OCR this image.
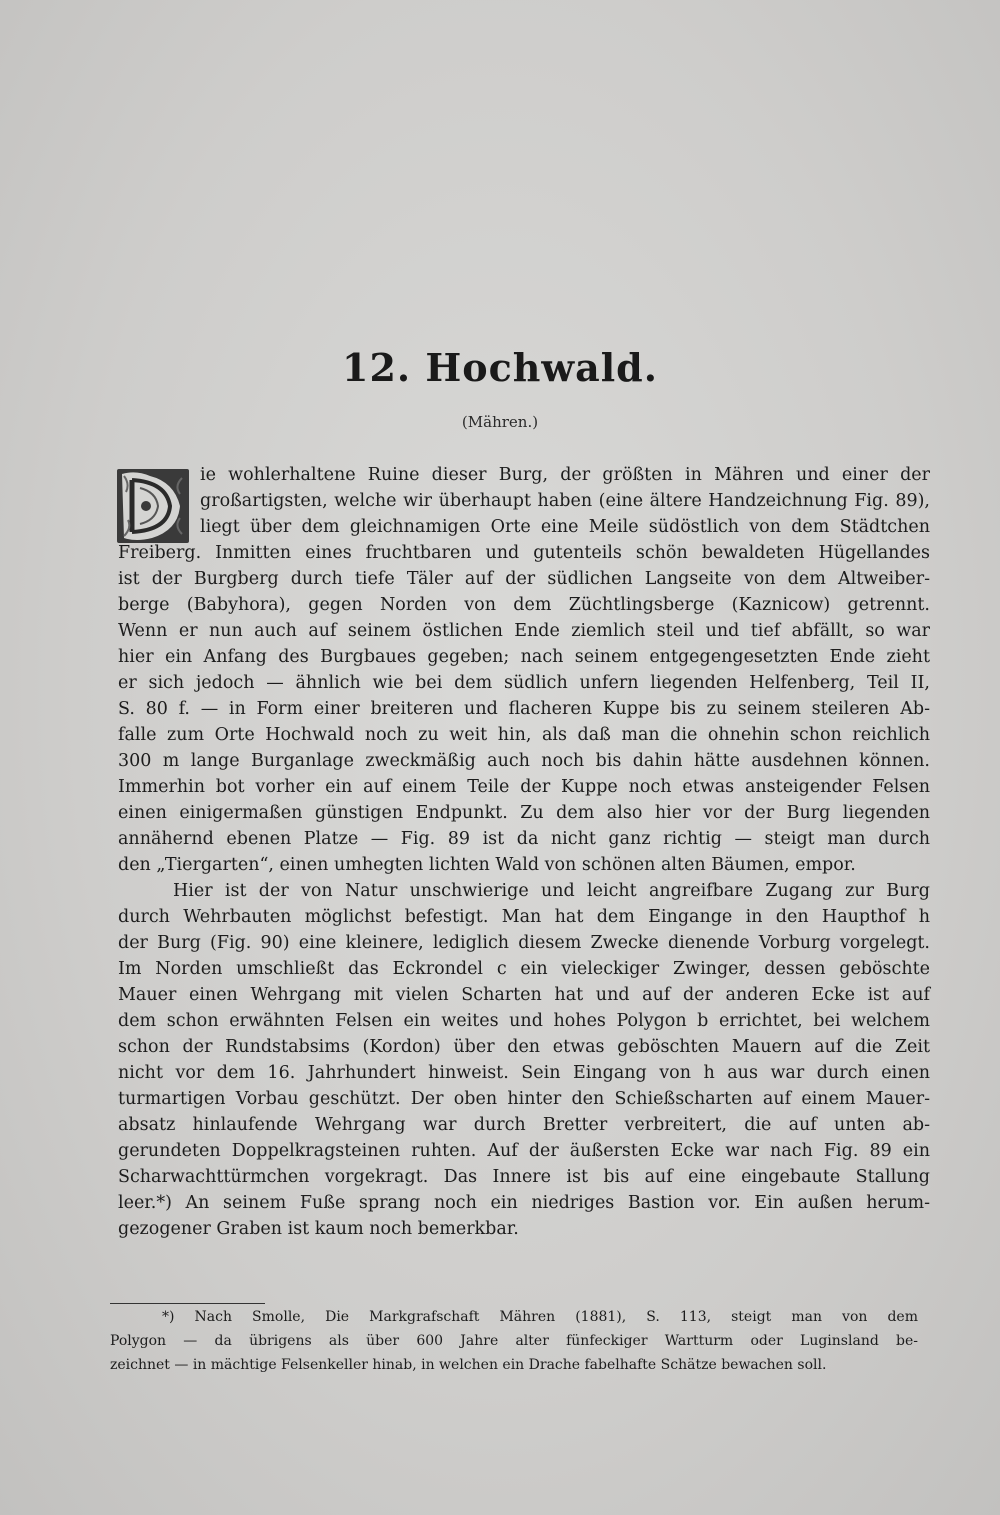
12. Hochwald.
(Mähren.)
ie wohlerhaltene Ruine dieser Burg, der größten in Mähren und einer der
großartigsten, welche wir überhaupt haben (eine ältere Handzeichnung Fig. 89),
liegt über dem gleichnamigen Orte eine Meile südöstlich von dem Städtchen
Freiberg. Inmitten eines fruchtbaren und gutenteils schön bewaldeten Hügellandes
ist der Burgberg durch tiefe Täler auf der südlichen Langseite von dem Altweiber-
berge (Babyhora), gegen Norden von dem Züchtlingsberge (Kaznicow) getrennt.
Wenn er nun auch auf seinem östlichen Ende ziemlich steil und tief abfällt, so war
hier ein Anfang des Burgbaues gegeben; nach seinem entgegengesetzten Ende zieht
er sich jedoch — ähnlich wie bei dem südlich unfern liegenden Helfenberg, Teil II,
S. 80 f. — in Form einer breiteren und flacheren Kuppe bis zu seinem steileren Ab-
falle zum Orte Hochwald noch zu weit hin, als daß man die ohnehin schon reichlich
300 m lange Burganlage zweckmäßig auch noch bis dahin hätte ausdehnen können.
Immerhin bot vorher ein auf einem Teile der Kuppe noch etwas ansteigender Felsen
einen einigermaßen günstigen Endpunkt. Zu dem also hier vor der Burg liegenden
annähernd ebenen Platze — Fig. 89 ist da nicht ganz richtig — steigt man durch
den „Tiergarten“, einen umhegten lichten Wald von schönen alten Bäumen, empor.
Hier ist der von Natur unschwierige und leicht angreifbare Zugang zur Burg
durch Wehrbauten möglichst befestigt. Man hat dem Eingange in den Haupthof h
der Burg (Fig. 90) eine kleinere, lediglich diesem Zwecke dienende Vorburg vorgelegt.
Im Norden umschließt das Eckrondel c ein vieleckiger Zwinger, dessen geböschte
Mauer einen Wehrgang mit vielen Scharten hat und auf der anderen Ecke ist auf
dem schon erwähnten Felsen ein weites und hohes Polygon b errichtet, bei welchem
schon der Rundstabsims (Kordon) über den etwas geböschten Mauern auf die Zeit
nicht vor dem 16. Jahrhundert hinweist. Sein Eingang von h aus war durch einen
turmartigen Vorbau geschützt. Der oben hinter den Schießscharten auf einem Mauer-
absatz hinlaufende Wehrgang war durch Bretter verbreitert, die auf unten ab-
gerundeten Doppelkragsteinen ruhten. Auf der äußersten Ecke war nach Fig. 89 ein
Scharwachttürmchen vorgekragt. Das Innere ist bis auf eine eingebaute Stallung
leer.*) An seinem Fuße sprang noch ein niedriges Bastion vor. Ein außen herum-
gezogener Graben ist kaum noch bemerkbar.
*) Nach Smolle, Die Markgrafschaft Mähren (1881), S. 113, steigt man von dem
Polygon — da übrigens als über 600 Jahre alter fünfeckiger Wartturm oder Luginsland be-
zeichnet — in mächtige Felsenkeller hinab, in welchen ein Drache fabelhafte Schätze bewachen soll.
